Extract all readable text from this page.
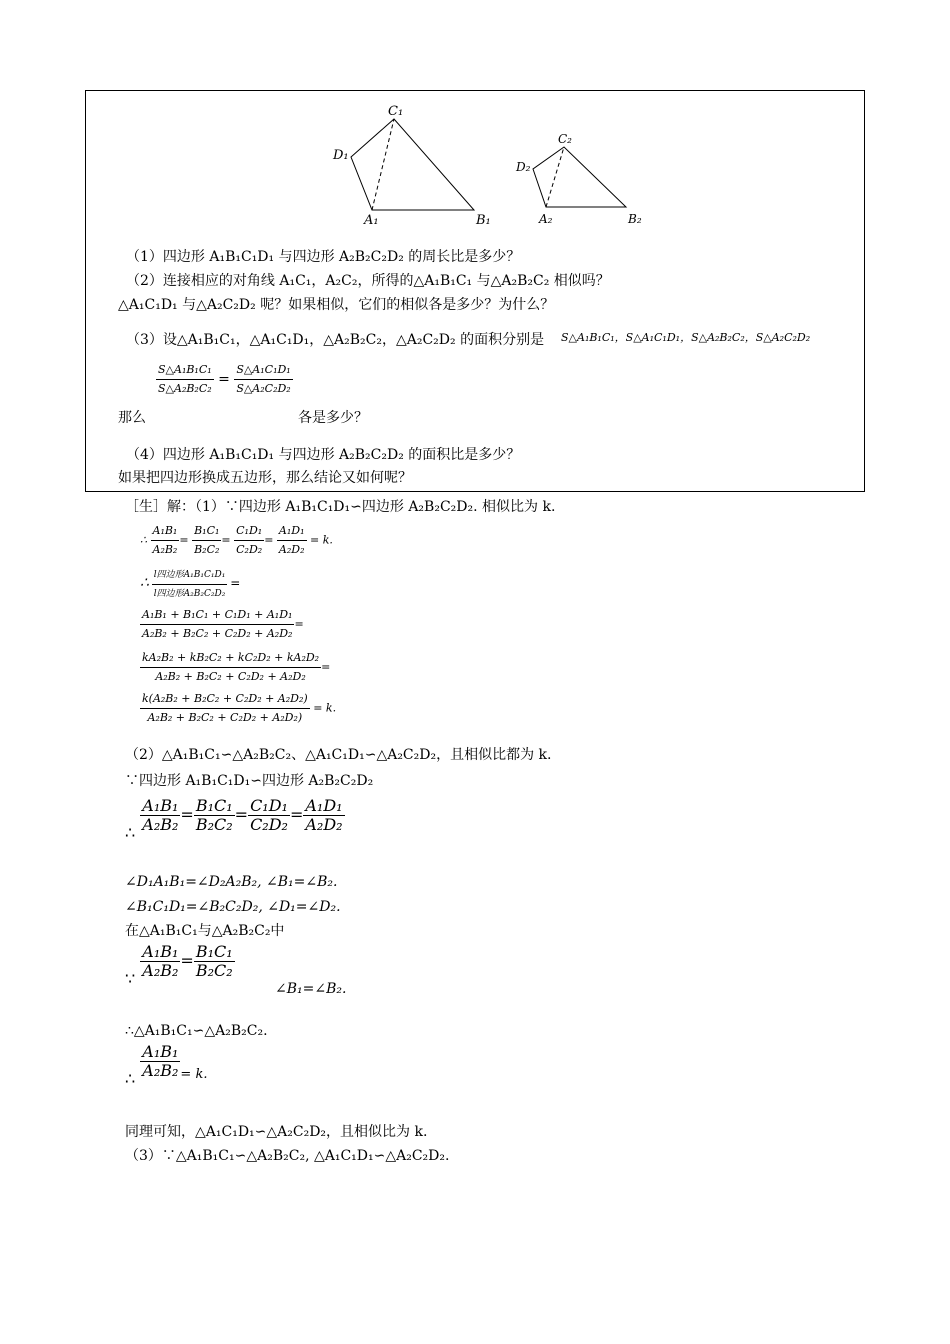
C₁
D₁
A₁	B₁
C₂
D₂
A₂	B₂
（1）四边形 A₁B₁C₁D₁ 与四边形 A₂B₂C₂D₂ 的周长比是多少？
（2）连接相应的对角线 A₁C₁，A₂C₂，所得的△A₁B₁C₁ 与△A₂B₂C₂ 相似吗？
△A₁C₁D₁ 与△A₂C₂D₂ 呢？如果相似，它们的相似各是多少？为什么？
（3）设△A₁B₁C₁，△A₁C₁D₁，△A₂B₂C₂，△A₂C₂D₂ 的面积分别是 S△A₁B₁C₁，S△A₁C₁D₁，S△A₂B₂C₂，S△A₂C₂D₂
$\frac{\text{S△A₁B₁C₁}}{\text{S△A₂B₂C₂}} = \frac{\text{S△A₁C₁D₁}}{\text{S△A₂C₂D₂}}$
那么	各是多少？
（4）四边形 A₁B₁C₁D₁ 与四边形 A₂B₂C₂D₂ 的面积比是多少？
如果把四边形换成五边形，那么结论又如何呢？
［生］解：（1）∵四边形 A₁B₁C₁D₁∽四边形 A₂B₂C₂D₂. 相似比为 k.
∴ $\frac{\text{A₁B₁}}{\text{A₂B₂}} = \frac{\text{B₁C₁}}{\text{B₂C₂}} = \frac{\text{C₁D₁}}{\text{C₂D₂}} = \frac{\text{A₁D₁}}{\text{A₂D₂}} = k$.
∴ $\frac{\text{l四边形A₁B₁C₁D₁}}{\text{l四边形A₂B₂C₂D₂}}$ =
$\frac{\text{A₁B₁ + B₁C₁ + C₁D₁ + A₁D₁}}{\text{A₂B₂ + B₂C₂ + C₂D₂ + A₂D₂}}$ =
$\frac{\text{kA₂B₂ + kB₂C₂ + kC₂D₂ + kA₂D₂}}{\text{A₂B₂ + B₂C₂ + C₂D₂ + A₂D₂}}$ =
$\frac{\text{k(A₂B₂ + B₂C₂ + C₂D₂ + A₂D₂)}}{\text{A₂B₂ + B₂C₂ + C₂D₂ + A₂D₂)}} = k$.
（2）△A₁B₁C₁∽△A₂B₂C₂、△A₁C₁D₁∽△A₂C₂D₂，且相似比都为 k.
∵四边形 A₁B₁C₁D₁∽四边形 A₂B₂C₂D₂
∴ $\frac{\text{A₁B₁}}{\text{A₂B₂}} = \frac{\text{B₁C₁}}{\text{B₂C₂}} = \frac{\text{C₁D₁}}{\text{C₂D₂}} = \frac{\text{A₁D₁}}{\text{A₂D₂}}$
∠D₁A₁B₁=∠D₂A₂B₂, ∠B₁=∠B₂.
∠B₁C₁D₁=∠B₂C₂D₂, ∠D₁=∠D₂.
在△A₁B₁C₁与△A₂B₂C₂中
∵ $\frac{\text{A₁B₁}}{\text{A₂B₂}} = \frac{\text{B₁C₁}}{\text{B₂C₂}}$
∠B₁=∠B₂.
∴△A₁B₁C₁∽△A₂B₂C₂.
∴ $\frac{\text{A₁B₁}}{\text{A₂B₂}} _{= k.}$
同理可知，△A₁C₁D₁∽△A₂C₂D₂，且相似比为 k.
（3）∵△A₁B₁C₁∽△A₂B₂C₂, △A₁C₁D₁∽△A₂C₂D₂.
